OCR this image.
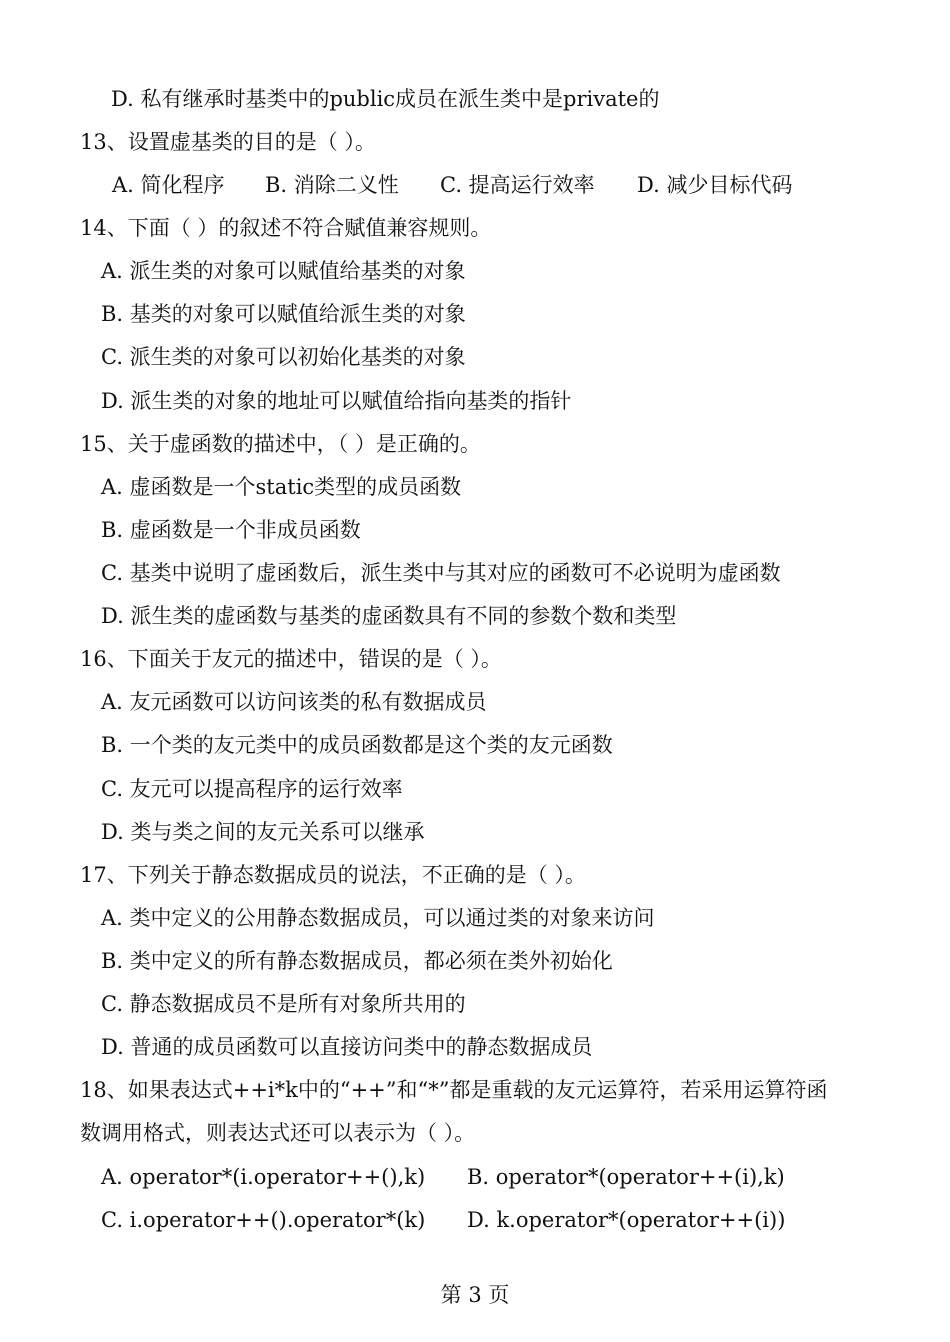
D. 私有继承时基类中的public成员在派生类中是private的
13、设置虚基类的目的是（ ）。
A. 简化程序 B. 消除二义性 C. 提高运行效率 D. 减少目标代码
14、下面（ ）的叙述不符合赋值兼容规则。
A. 派生类的对象可以赋值给基类的对象
B. 基类的对象可以赋值给派生类的对象
C. 派生类的对象可以初始化基类的对象
D. 派生类的对象的地址可以赋值给指向基类的指针
15、关于虚函数的描述中，（ ）是正确的。
A. 虚函数是一个static类型的成员函数
B. 虚函数是一个非成员函数
C. 基类中说明了虚函数后，派生类中与其对应的函数可不必说明为虚函数
D. 派生类的虚函数与基类的虚函数具有不同的参数个数和类型
16、下面关于友元的描述中，错误的是（ ）。
A. 友元函数可以访问该类的私有数据成员
B. 一个类的友元类中的成员函数都是这个类的友元函数
C. 友元可以提高程序的运行效率
D. 类与类之间的友元关系可以继承
17、下列关于静态数据成员的说法，不正确的是（ ）。
A. 类中定义的公用静态数据成员，可以通过类的对象来访问
B. 类中定义的所有静态数据成员，都必须在类外初始化
C. 静态数据成员不是所有对象所共用的
D. 普通的成员函数可以直接访问类中的静态数据成员
18、如果表达式++i*k中的“++”和“*”都是重载的友元运算符，若采用运算符函
数调用格式，则表达式还可以表示为（ ）。
A. operator*(i.operator++(),k) B. operator*(operator++(i),k)
C. i.operator++().operator*(k) D. k.operator*(operator++(i))
第 3 页
